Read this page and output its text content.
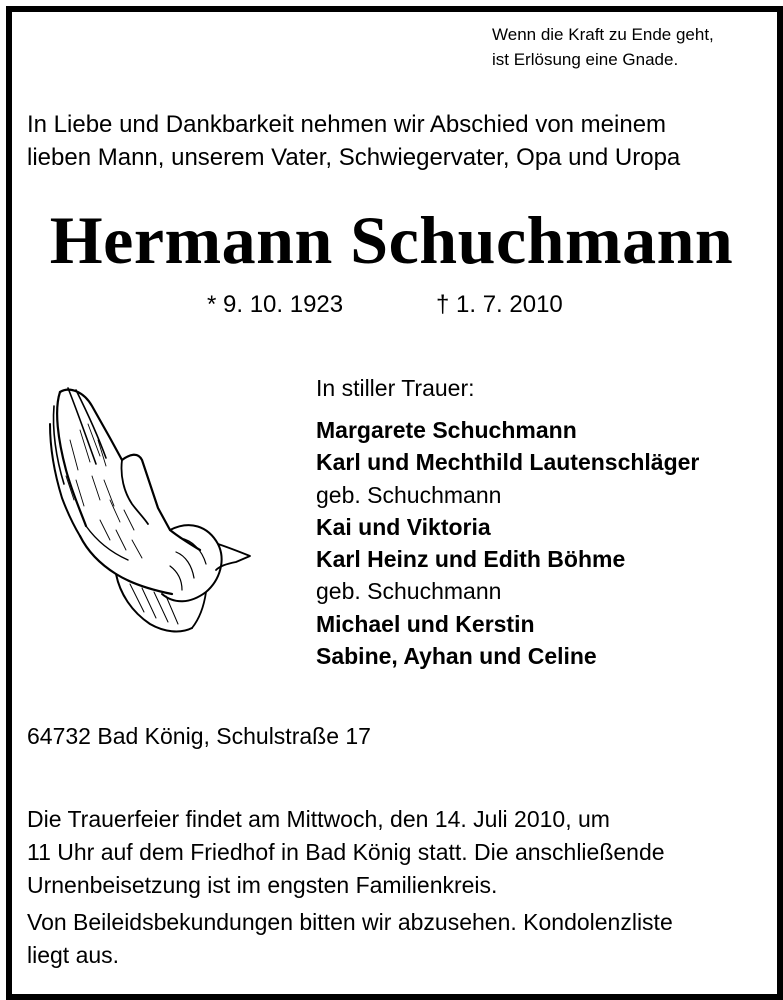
Wenn die Kraft zu Ende geht,
ist Erlösung eine Gnade.
In Liebe und Dankbarkeit nehmen wir Abschied von meinem
lieben Mann, unserem Vater, Schwiegervater, Opa und Uropa
Hermann Schuchmann
* 9. 10. 1923	† 1. 7. 2010
In stiller Trauer:
Margarete Schuchmann
Karl und Mechthild Lautenschläger
geb. Schuchmann
Kai und Viktoria
Karl Heinz und Edith Böhme
geb. Schuchmann
Michael und Kerstin
Sabine, Ayhan und Celine
64732 Bad König, Schulstraße 17

Die Trauerfeier findet am Mittwoch, den 14. Juli 2010, um

11 Uhr auf dem Friedhof in Bad König statt. Die anschließende

Urnenbeisetzung ist im engsten Familienkreis.

Von Beileidsbekundungen bitten wir abzusehen. Kondolenzliste

liegt aus.
